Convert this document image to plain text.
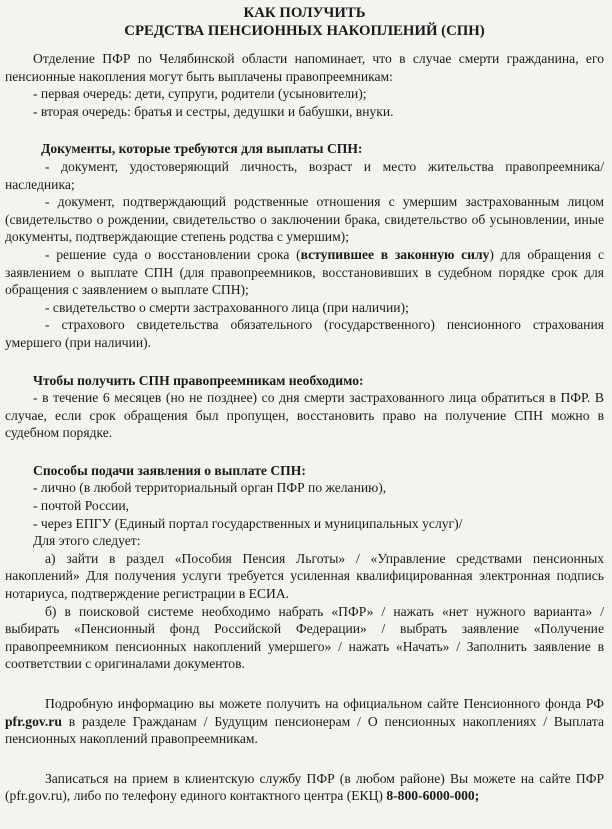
КАК ПОЛУЧИТЬ

СРЕДСТВА ПЕНСИОННЫХ НАКОПЛЕНИЙ (СПН)

Отделение ПФР по Челябинской области напоминает, что в случае смерти гражданина, его пенсионные накопления могут быть выплачены правопреемникам:

- первая очередь: дети, супруги, родители (усыновители);

- вторая очередь: братья и сестры, дедушки и бабушки, внуки.

Документы, которые требуются для выплаты СПН:

- документ, удостоверяющий личность, возраст и место жительства правопреемника/наследника;

- документ, подтверждающий родственные отношения с умершим застрахованным лицом (свидетельство о рождении, свидетельство о заключении брака, свидетельство об усыновлении, иные документы, подтверждающие степень родства с умершим);

- решение суда о восстановлении срока (вступившее в законную силу) для обращения с заявлением о выплате СПН (для правопреемников, восстановивших в судебном порядке срок для обращения с заявлением о выплате СПН);

- свидетельство о смерти застрахованного лица (при наличии);

- страхового свидетельства обязательного (государственного) пенсионного страхования умершего (при наличии).

Чтобы получить СПН правопреемникам необходимо:

- в течение 6 месяцев (но не позднее) со дня смерти застрахованного лица обратиться в ПФР. В случае, если срок обращения был пропущен, восстановить право на получение СПН можно в судебном порядке.

Способы подачи заявления о выплате СПН:

- лично (в любой территориальный орган ПФР по желанию),

- почтой России,

- через ЕПГУ (Единый портал государственных и муниципальных услуг)/

Для этого следует:

а) зайти в раздел «Пособия Пенсия Льготы» / «Управление средствами пенсионных накоплений» Для получения услуги требуется усиленная квалифицированная электронная подпись нотариуса, подтверждение регистрации в ЕСИА.

б) в поисковой системе необходимо набрать «ПФР» / нажать «нет нужного варианта» / выбирать «Пенсионный фонд Российской Федерации» / выбрать заявление «Получение правопреемником пенсионных накоплений умершего» / нажать «Начать» / Заполнить заявление в соответствии с оригиналами документов.

Подробную информацию вы можете получить на официальном сайте Пенсионного фонда РФ pfr.gov.ru в разделе Гражданам / Будущим пенсионерам / О пенсионных накоплениях / Выплата пенсионных накоплений правопреемникам.

Записаться на прием в клиентскую службу ПФР (в любом районе) Вы можете на сайте ПФР (pfr.gov.ru), либо по телефону единого контактного центра (ЕКЦ) 8-800-6000-000;
